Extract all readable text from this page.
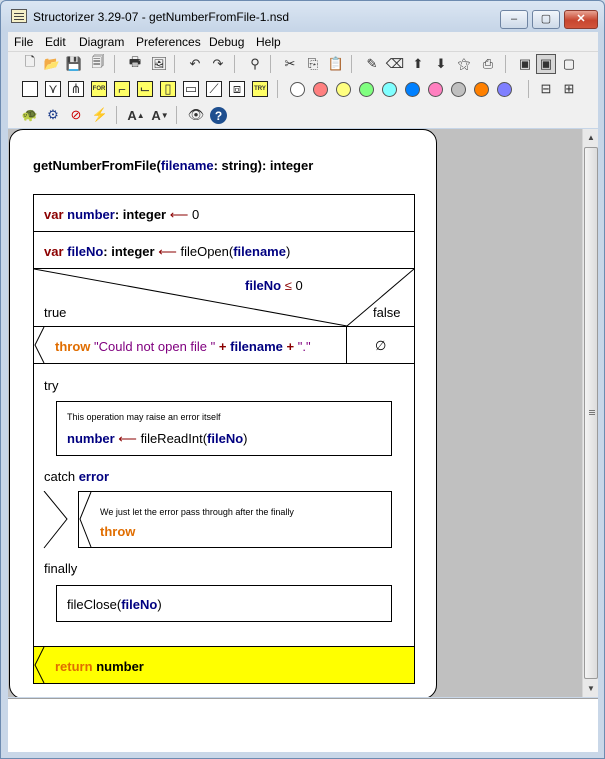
Structorizer 3.29-07 - getNumberFromFile-1.nsd	–	▢	✕
File Edit Diagram Preferences Debug Help
🗋 📂 💾 🗐 🖶 🖼	↶ ↷	⚲	✂ ⎘ 📋	✎ ⌫ ⬆ ⬇ ⚝ ⎙	▣ ▣ ▢
⋎ ⋔	FOR ⌐	⌙	▯	▭ ⟋ ⧈	TRY	⊟ ⊞
🐢 ⚙ ⊘ ⚡ A ▲ A ▼ 👁 ?
getNumberFromFile(filename: string): integer
var number: integer ⟵ 0
var fileNo: integer ⟵ fileOpen(filename)
fileNo ≤ 0
true	false
throw "Could not open file " + filename + "."	∅
try
This operation may raise an error itself
number ⟵ fileReadInt(fileNo)
catch error
We just let the error pass through after the finally
throw
finally
fileClose(fileNo)
return number
▲
▼
